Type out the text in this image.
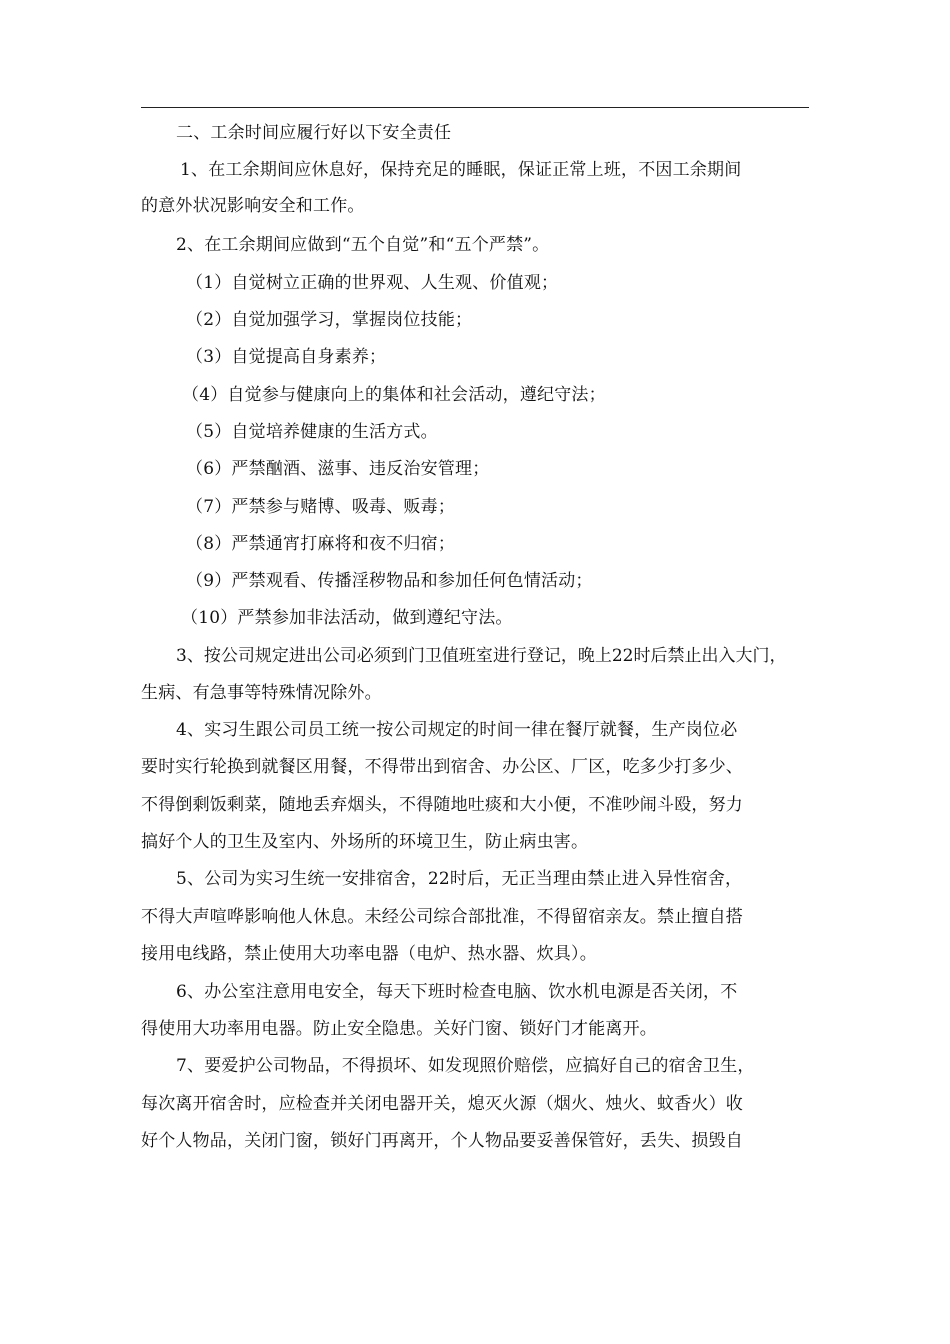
二、工余时间应履行好以下安全责任
1、在工余期间应休息好，保持充足的睡眠，保证正常上班，不因工余期间
的意外状况影响安全和工作。
2、在工余期间应做到“五个自觉”和“五个严禁”。
（1）自觉树立正确的世界观、人生观、价值观；
（2）自觉加强学习，掌握岗位技能；
（3）自觉提高自身素养；
（4）自觉参与健康向上的集体和社会活动，遵纪守法；
（5）自觉培养健康的生活方式。
（6）严禁酗酒、滋事、违反治安管理；
（7）严禁参与赌博、吸毒、贩毒；
（8）严禁通宵打麻将和夜不归宿；
（9）严禁观看、传播淫秽物品和参加任何色情活动；
（10）严禁参加非法活动，做到遵纪守法。
3、按公司规定进出公司必须到门卫值班室进行登记，晚上22时后禁止出入大门，
生病、有急事等特殊情况除外。
4、实习生跟公司员工统一按公司规定的时间一律在餐厅就餐，生产岗位必
要时实行轮换到就餐区用餐，不得带出到宿舍、办公区、厂区，吃多少打多少、
不得倒剩饭剩菜，随地丢弃烟头，不得随地吐痰和大小便，不准吵闹斗殴，努力
搞好个人的卫生及室内、外场所的环境卫生，防止病虫害。
5、公司为实习生统一安排宿舍，22时后，无正当理由禁止进入异性宿舍，
不得大声喧哗影响他人休息。未经公司综合部批准，不得留宿亲友。禁止擅自搭
接用电线路，禁止使用大功率电器（电炉、热水器、炊具）。
6、办公室注意用电安全，每天下班时检查电脑、饮水机电源是否关闭，不
得使用大功率用电器。防止安全隐患。关好门窗、锁好门才能离开。
7、要爱护公司物品，不得损坏、如发现照价赔偿，应搞好自己的宿舍卫生，
每次离开宿舍时，应检查并关闭电器开关，熄灭火源（烟火、烛火、蚊香火）收
好个人物品，关闭门窗，锁好门再离开，个人物品要妥善保管好，丢失、损毁自
